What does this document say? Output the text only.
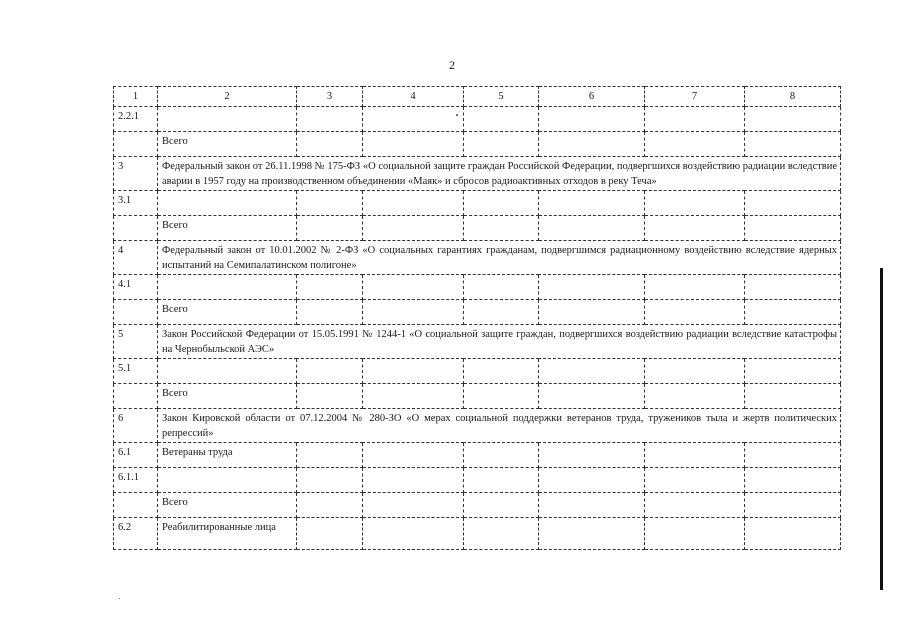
2
1	2	3	4	5	6	7	8
2.2.1							
	Всего						
3	Федеральный закон от 26.11.1998 № 175-ФЗ «О социальной защите граждан Российской Федерации, подвергшихся воздействию радиации вследствие аварии в 1957 году на производственном объединении «Маяк» и сбросов радиоактивных отходов в реку Теча»						
3.1							
	Всего						
4	Федеральный закон от 10.01.2002 № 2-ФЗ «О социальных гарантиях гражданам, подвергшимся радиационному воздействию вследствие ядерных испытаний на Семипалатинском полигоне»						
4.1							
	Всего						
5	Закон Российской Федерации от 15.05.1991 № 1244-1 «О социальной защите граждан, подвергшихся воздействию радиации вследствие катастрофы на Чернобыльской АЭС»						
5.1							
	Всего						
6	Закон Кировской области от 07.12.2004 № 280-ЗО «О мерах социальной поддержки ветеранов труда, тружеников тыла и жертв политических репрессий»						
6.1	Ветераны труда						
6.1.1							
	Всего						
6.2	Реабилитированные лица						
